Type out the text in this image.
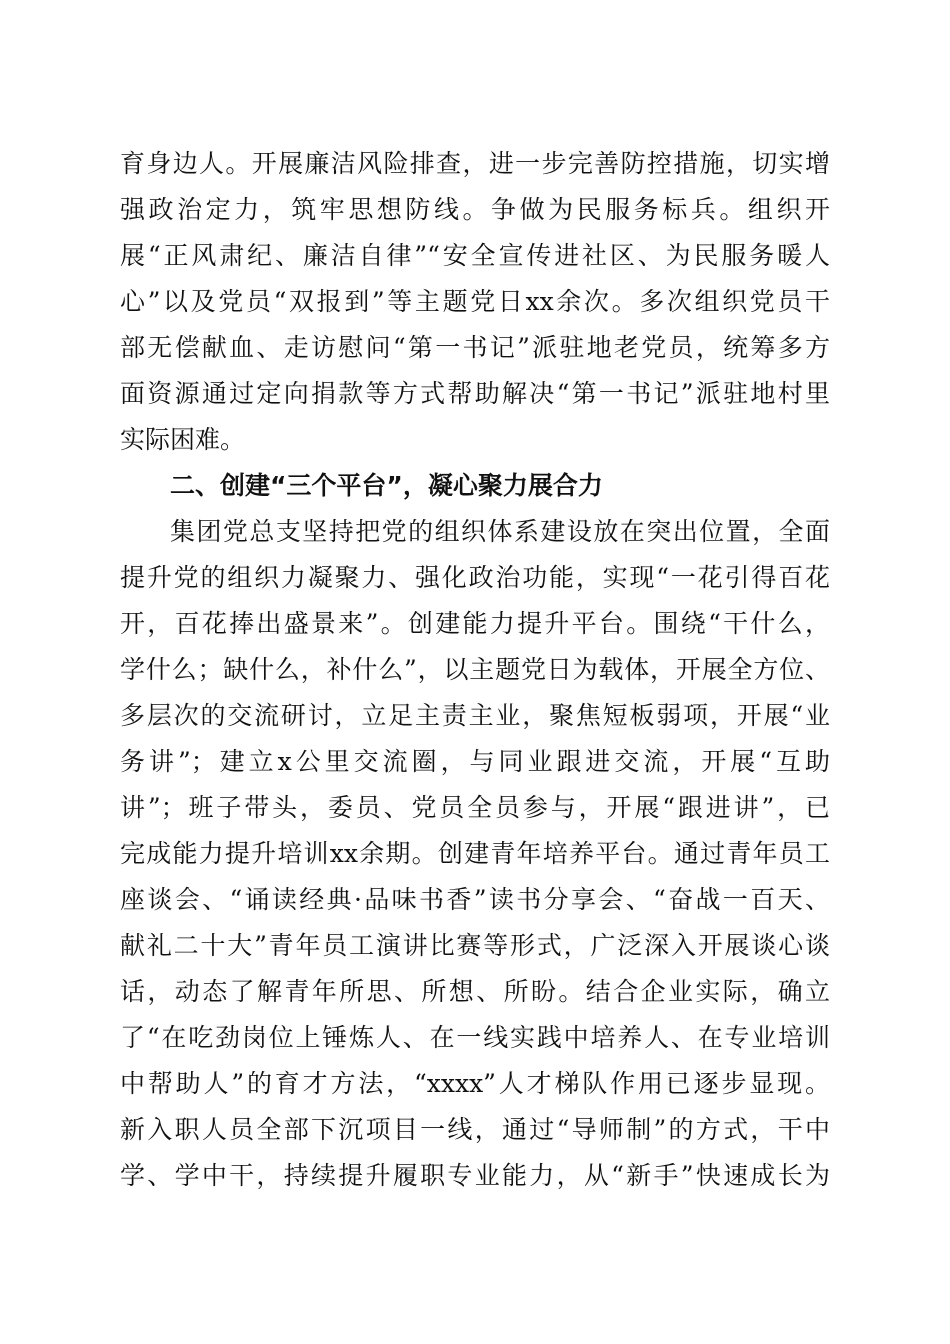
育身边人。开展廉洁风险排查，进一步完善防控措施，切实增
强政治定力，筑牢思想防线。争做为民服务标兵。组织开
展“正风肃纪、廉洁自律”“安全宣传进社区、为民服务暖人
心”以及党员“双报到”等主题党日xx余次。多次组织党员干
部无偿献血、走访慰问“第一书记”派驻地老党员，统筹多方
面资源通过定向捐款等方式帮助解决“第一书记”派驻地村里
实际困难。
二、创建“三个平台”，凝心聚力展合力
集团党总支坚持把党的组织体系建设放在突出位置，全面
提升党的组织力凝聚力、强化政治功能，实现“一花引得百花
开，百花捧出盛景来”。创建能力提升平台。围绕“干什么，
学什么；缺什么，补什么”，以主题党日为载体，开展全方位、
多层次的交流研讨，立足主责主业，聚焦短板弱项，开展“业
务讲”；建立x公里交流圈，与同业跟进交流，开展“互助
讲”；班子带头，委员、党员全员参与，开展“跟进讲”，已
完成能力提升培训xx余期。创建青年培养平台。通过青年员工
座谈会、“诵读经典·品味书香”读书分享会、“奋战一百天、
献礼二十大”青年员工演讲比赛等形式，广泛深入开展谈心谈
话，动态了解青年所思、所想、所盼。结合企业实际，确立
了“在吃劲岗位上锤炼人、在一线实践中培养人、在专业培训
中帮助人”的育才方法，“xxxx”人才梯队作用已逐步显现。
新入职人员全部下沉项目一线，通过“导师制”的方式，干中
学、学中干，持续提升履职专业能力，从“新手”快速成长为
